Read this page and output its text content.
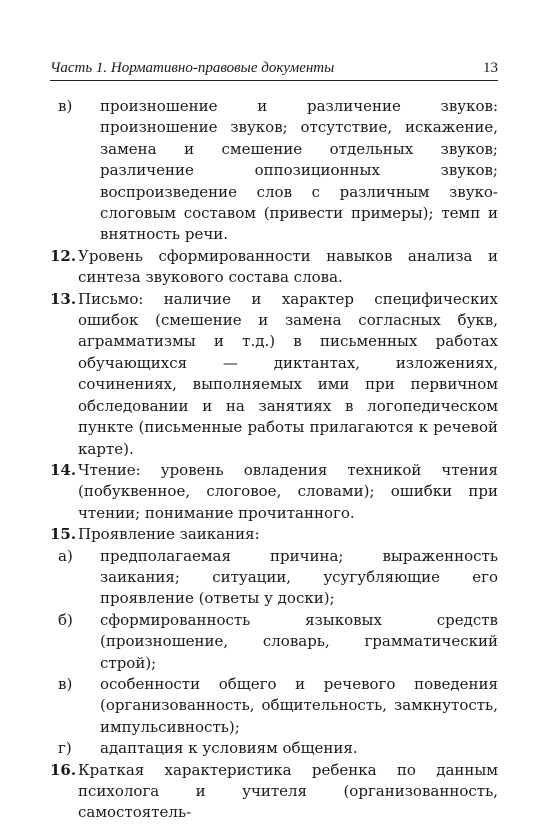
Часть 1. Нормативно-правовые документы	13
в)	произношение и различение звуков: произношение звуков; отсутствие, искажение, замена и смешение отдельных звуков; различение оппозиционных звуков; воспроизведение слов с различным звуко-слоговым составом (привести примеры); темп и внятность речи.
12. Уровень сформированности навыков анализа и синтеза звукового состава слова.
13. Письмо: наличие и характер специфических ошибок (смешение и замена согласных букв, аграмматизмы и т.д.) в письменных работах обучающихся — диктантах, изложениях, сочинениях, выполняемых ими при первичном обследовании и на занятиях в логопедическом пункте (письменные работы прилагаются к речевой карте).
14. Чтение: уровень овладения техникой чтения (побуквенное, слоговое, словами); ошибки при чтении; понимание прочитанного.
15. Проявление заикания:
а)	предполагаемая причина; выраженность заикания; ситуации, усугубляющие его проявление (ответы у доски);
б)	сформированность языковых средств (произношение, словарь, грамматический строй);
в)	особенности общего и речевого поведения (организованность, общительность, замкнутость, импульсивность);
г)	адаптация к условиям общения.
16. Краткая характеристика ребенка по данным психолога и учителя (организованность, самостоятель-
